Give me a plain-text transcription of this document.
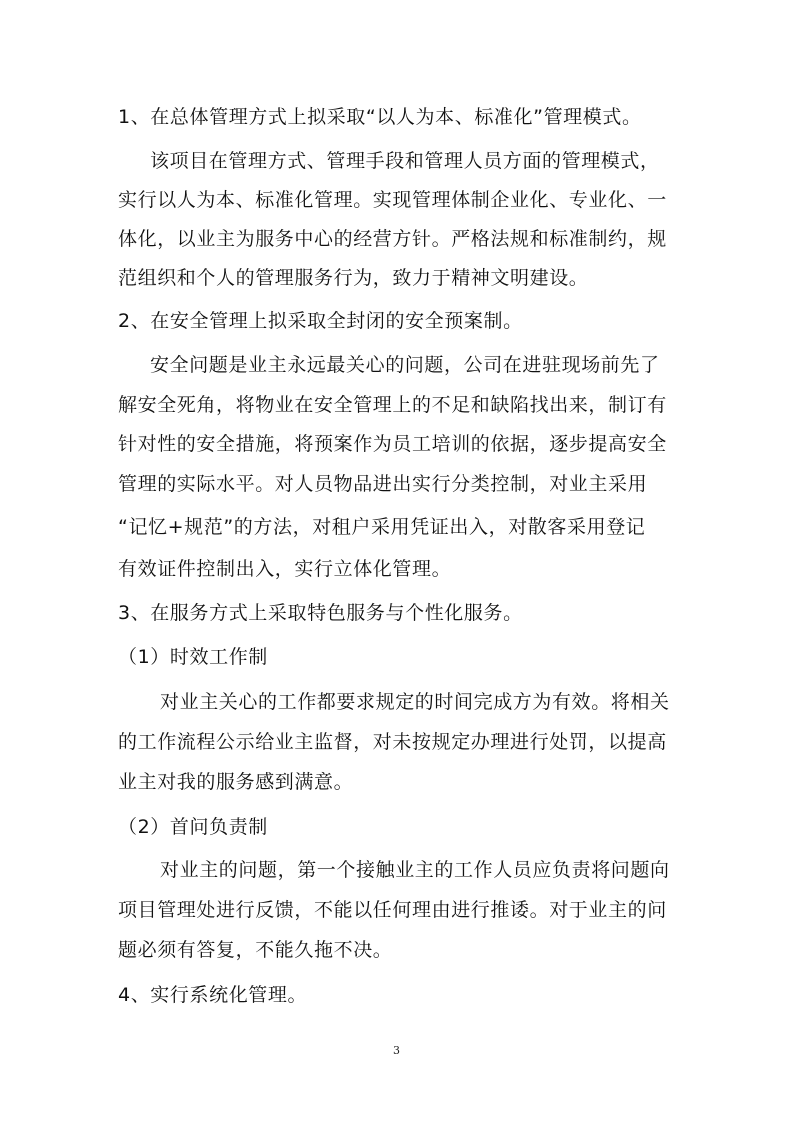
1、在总体管理方式上拟采取“以人为本、标准化”管理模式。
该项目在管理方式、管理手段和管理人员方面的管理模式，
实行以人为本、标准化管理。实现管理体制企业化、专业化、一
体化，以业主为服务中心的经营方针。严格法规和标准制约，规
范组织和个人的管理服务行为，致力于精神文明建设。
2、在安全管理上拟采取全封闭的安全预案制。
安全问题是业主永远最关心的问题，公司在进驻现场前先了
解安全死角，将物业在安全管理上的不足和缺陷找出来，制订有
针对性的安全措施，将预案作为员工培训的依据，逐步提高安全
管理的实际水平。对人员物品进出实行分类控制，对业主采用
“记忆+规范”的方法，对租户采用凭证出入，对散客采用登记
有效证件控制出入，实行立体化管理。
3、在服务方式上采取特色服务与个性化服务。
（1）时效工作制
对业主关心的工作都要求规定的时间完成方为有效。将相关
的工作流程公示给业主监督，对未按规定办理进行处罚，以提高
业主对我的服务感到满意。
（2）首问负责制
对业主的问题，第一个接触业主的工作人员应负责将问题向
项目管理处进行反馈，不能以任何理由进行推诿。对于业主的问
题必须有答复，不能久拖不决。
4、实行系统化管理。
3
